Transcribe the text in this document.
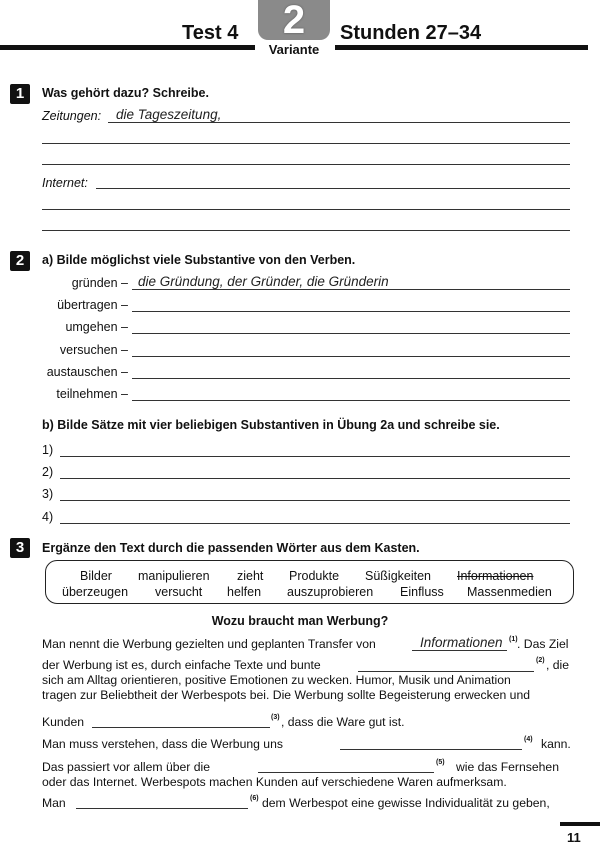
2
Test 4	Stunden 27–34
Variante
1	Was gehört dazu? Schreibe.
Zeitungen: die Tageszeitung,
Internet:
2	a) Bilde möglichst viele Substantive von den Verben.
gründen – die Gründung, der Gründer, die Gründerin
übertragen –
umgehen –
versuchen –
austauschen –
teilnehmen –
b) Bilde Sätze mit vier beliebigen Substantiven in Übung 2a und schreibe sie.
1)
2)
3)
4)
3	Ergänze den Text durch die passenden Wörter aus dem Kasten.
Bilder manipulieren zieht Produkte Süßigkeiten Informationen
überzeugen versucht helfen auszuprobieren Einfluss Massenmedien
Wozu braucht man Werbung?
Man nennt die Werbung gezielten und geplanten Transfer von	Informationen (1) . Das Ziel
der Werbung ist es, durch einfache Texte und bunte	(2) , die
sich am Alltag orientieren, positive Emotionen zu wecken. Humor, Musik und Animation
tragen zur Beliebtheit der Werbespots bei. Die Werbung sollte Begeisterung erwecken und
Kunden	(3) , dass die Ware gut ist.
Man muss verstehen, dass die Werbung uns	(4) kann.
Das passiert vor allem über die	(5) wie das Fernsehen
oder das Internet. Werbespots machen Kunden auf verschiedene Waren aufmerksam.
Man	(6) dem Werbespot eine gewisse Individualität zu geben,
11
